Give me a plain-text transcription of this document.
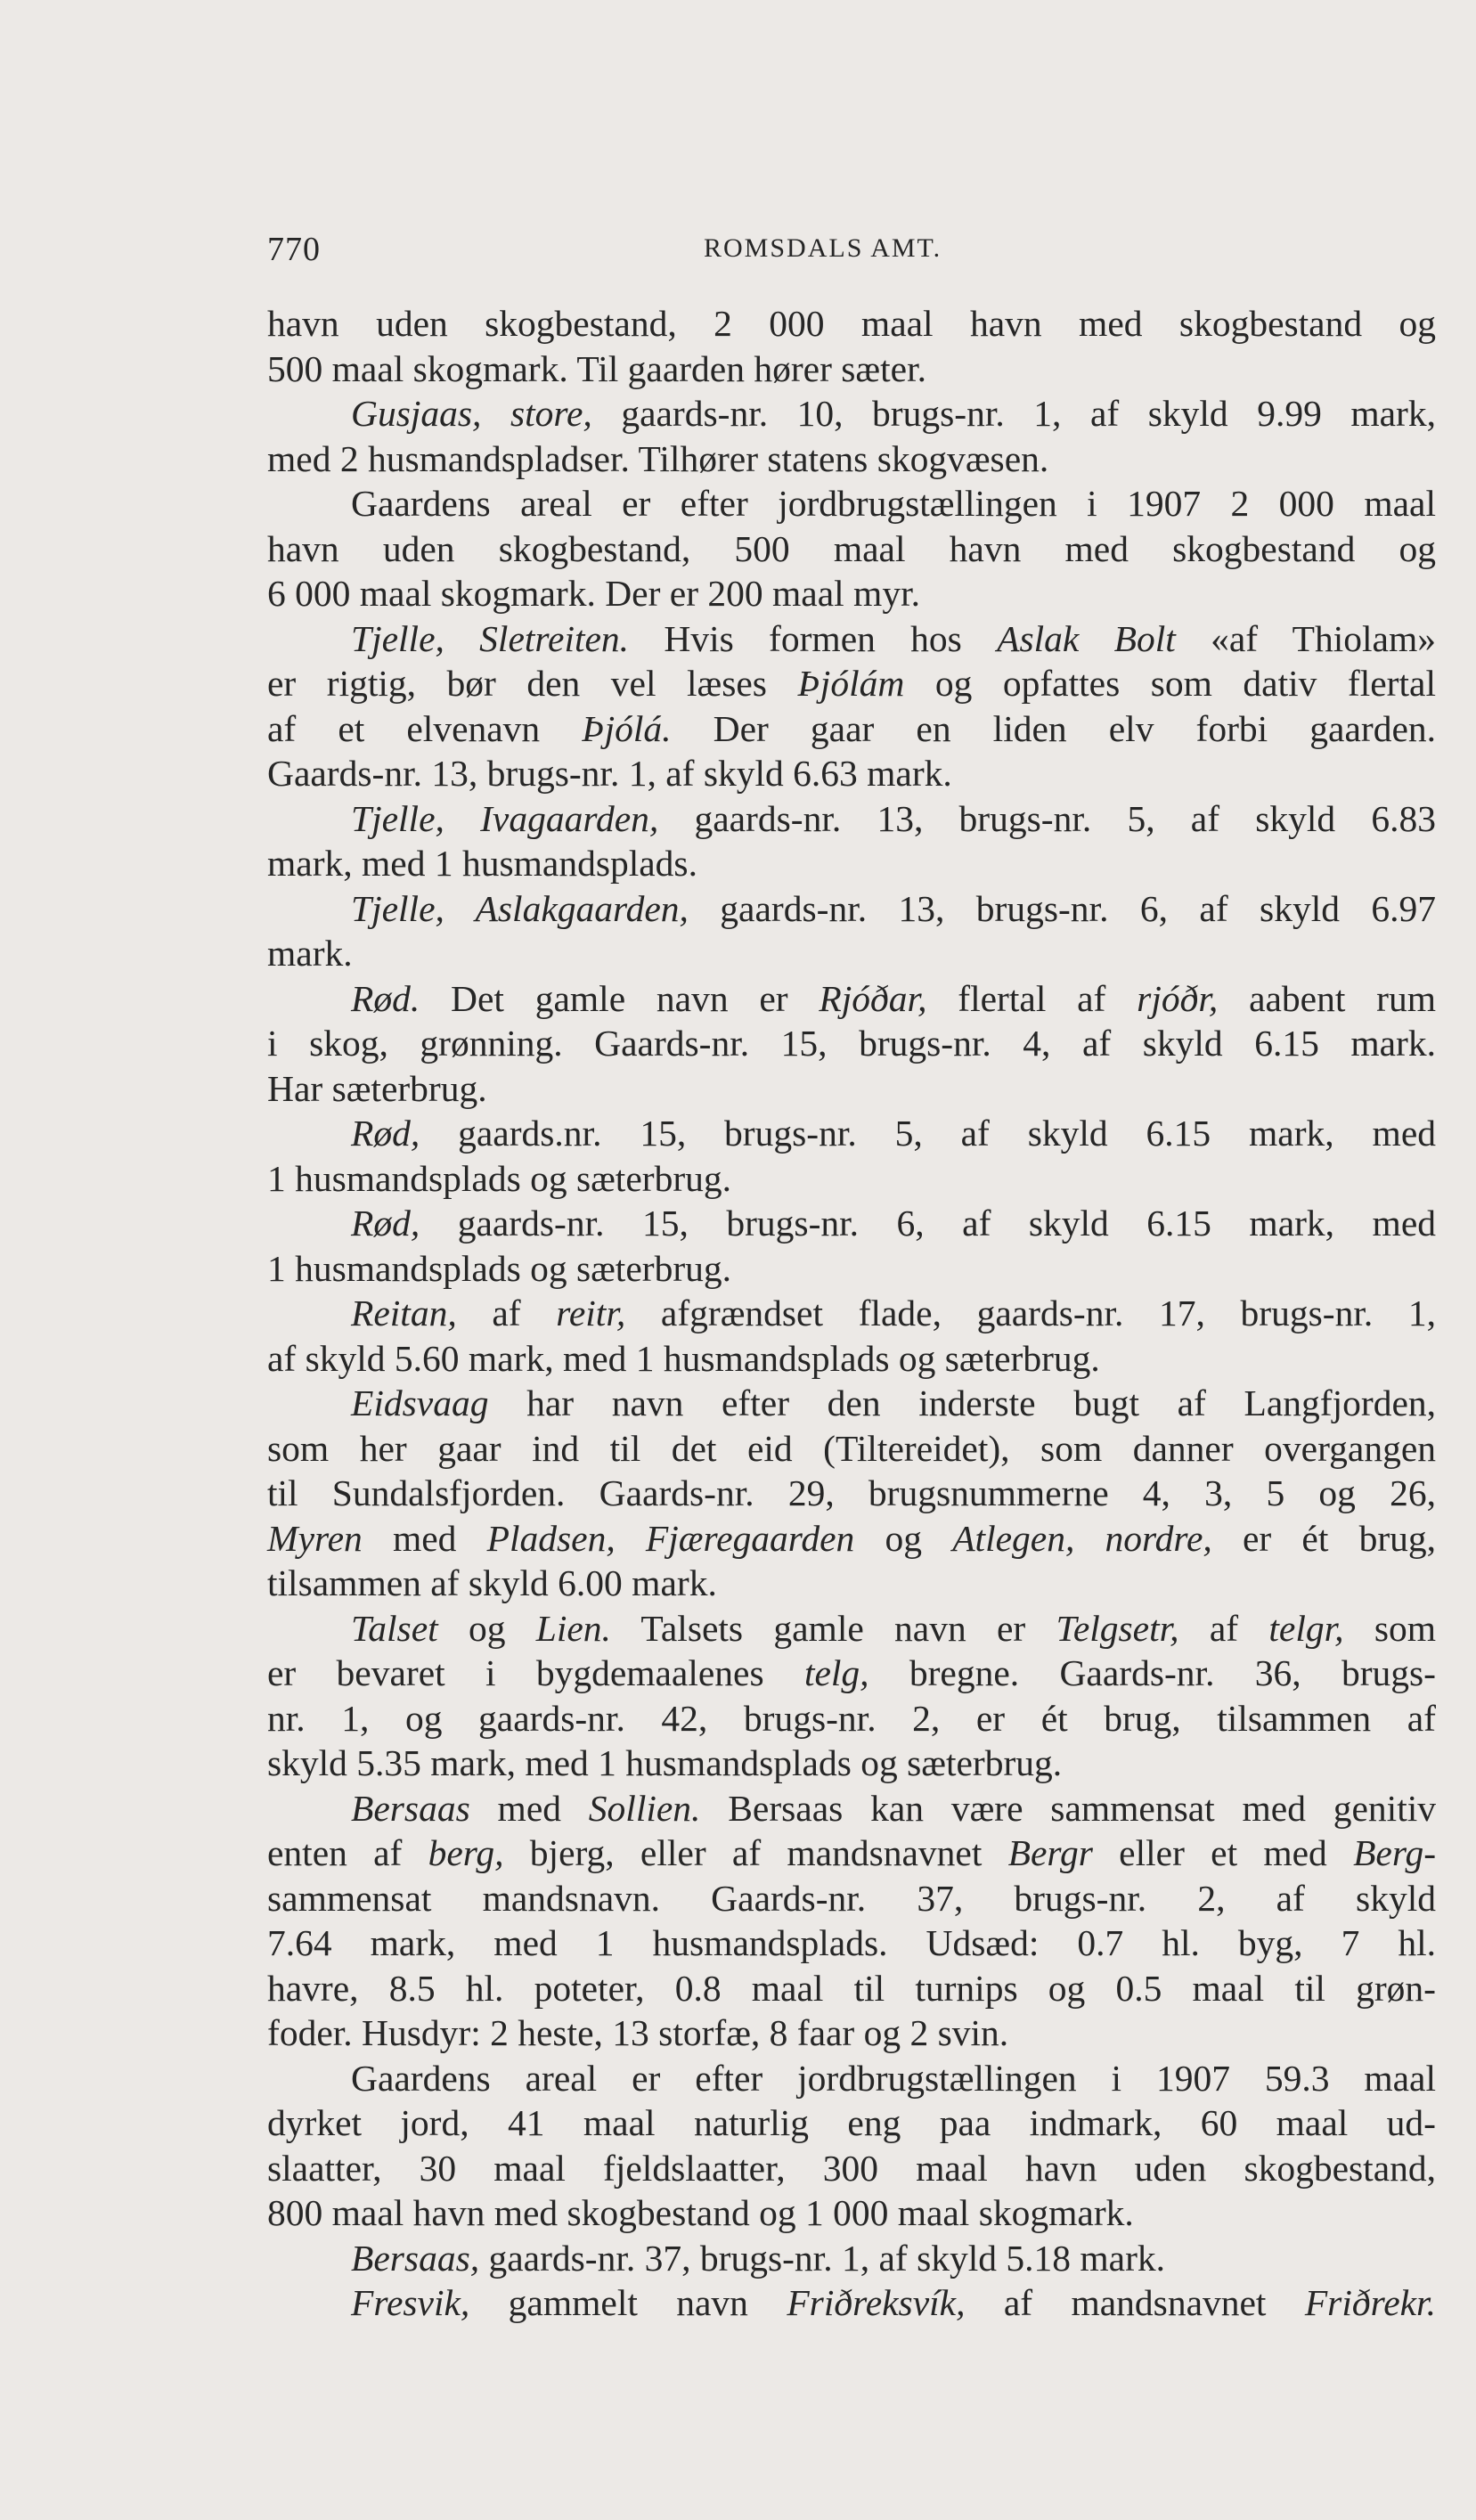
770	ROMSDALS AMT.
havn uden skogbestand, 2 000 maal havn med skogbestand og
500 maal skogmark. Til gaarden hører sæter.
Gusjaas, store, gaards-nr. 10, brugs-nr. 1, af skyld 9.99 mark,
med 2 husmandspladser. Tilhører statens skogvæsen.
Gaardens areal er efter jordbrugstællingen i 1907 2 000 maal
havn uden skogbestand, 500 maal havn med skogbestand og
6 000 maal skogmark. Der er 200 maal myr.
Tjelle, Sletreiten. Hvis formen hos Aslak Bolt «af Thiolam»
er rigtig, bør den vel læses Þjólám og opfattes som dativ flertal
af et elvenavn Þjólá. Der gaar en liden elv forbi gaarden.
Gaards-nr. 13, brugs-nr. 1, af skyld 6.63 mark.
Tjelle, Ivagaarden, gaards-nr. 13, brugs-nr. 5, af skyld 6.83
mark, med 1 husmandsplads.
Tjelle, Aslakgaarden, gaards-nr. 13, brugs-nr. 6, af skyld 6.97
mark.
Rød. Det gamle navn er Rjóðar, flertal af rjóðr, aabent rum
i skog, grønning. Gaards-nr. 15, brugs-nr. 4, af skyld 6.15 mark.
Har sæterbrug.
Rød, gaards.nr. 15, brugs-nr. 5, af skyld 6.15 mark, med
1 husmandsplads og sæterbrug.
Rød, gaards-nr. 15, brugs-nr. 6, af skyld 6.15 mark, med
1 husmandsplads og sæterbrug.
Reitan, af reitr, afgrændset flade, gaards-nr. 17, brugs-nr. 1,
af skyld 5.60 mark, med 1 husmandsplads og sæterbrug.
Eidsvaag har navn efter den inderste bugt af Langfjorden,
som her gaar ind til det eid (Tiltereidet), som danner overgangen
til Sundalsfjorden. Gaards-nr. 29, brugsnummerne 4, 3, 5 og 26,
Myren med Pladsen, Fjæregaarden og Atlegen, nordre, er ét brug,
tilsammen af skyld 6.00 mark.
Talset og Lien. Talsets gamle navn er Telgsetr, af telgr, som
er bevaret i bygdemaalenes telg, bregne. Gaards-nr. 36, brugs-
nr. 1, og gaards-nr. 42, brugs-nr. 2, er ét brug, tilsammen af
skyld 5.35 mark, med 1 husmandsplads og sæterbrug.
Bersaas med Sollien. Bersaas kan være sammensat med genitiv
enten af berg, bjerg, eller af mandsnavnet Bergr eller et med Berg-
sammensat mandsnavn. Gaards-nr. 37, brugs-nr. 2, af skyld
7.64 mark, med 1 husmandsplads. Udsæd: 0.7 hl. byg, 7 hl.
havre, 8.5 hl. poteter, 0.8 maal til turnips og 0.5 maal til grøn-
foder. Husdyr: 2 heste, 13 storfæ, 8 faar og 2 svin.
Gaardens areal er efter jordbrugstællingen i 1907 59.3 maal
dyrket jord, 41 maal naturlig eng paa indmark, 60 maal ud-
slaatter, 30 maal fjeldslaatter, 300 maal havn uden skogbestand,
800 maal havn med skogbestand og 1 000 maal skogmark.
Bersaas, gaards-nr. 37, brugs-nr. 1, af skyld 5.18 mark.
Fresvik, gammelt navn Friðreksvík, af mandsnavnet Friðrekr.
